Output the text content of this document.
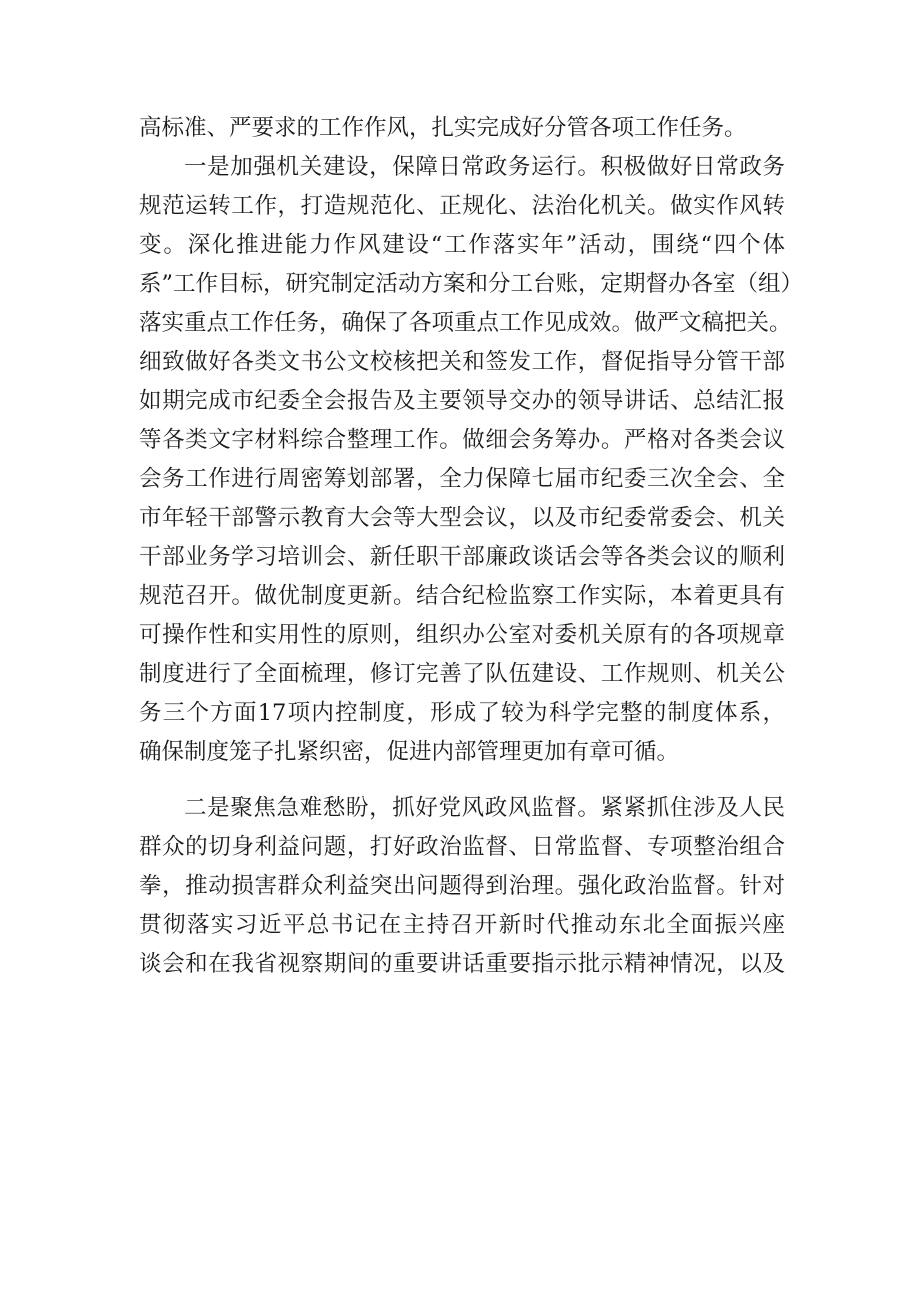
高标准、严要求的工作作风，扎实完成好分管各项工作任务。

一是加强机关建设，保障日常政务运行。积极做好日常政务
规范运转工作，打造规范化、正规化、法治化机关。做实作风转
变。深化推进能力作风建设“工作落实年”活动，围绕“四个体
系”工作目标，研究制定活动方案和分工台账，定期督办各室（组）
落实重点工作任务，确保了各项重点工作见成效。做严文稿把关。
细致做好各类文书公文校核把关和签发工作，督促指导分管干部
如期完成市纪委全会报告及主要领导交办的领导讲话、总结汇报
等各类文字材料综合整理工作。做细会务筹办。严格对各类会议
会务工作进行周密筹划部署，全力保障七届市纪委三次全会、全
市年轻干部警示教育大会等大型会议，以及市纪委常委会、机关
干部业务学习培训会、新任职干部廉政谈话会等各类会议的顺利
规范召开。做优制度更新。结合纪检监察工作实际，本着更具有
可操作性和实用性的原则，组织办公室对委机关原有的各项规章
制度进行了全面梳理，修订完善了队伍建设、工作规则、机关公
务三个方面17项内控制度，形成了较为科学完整的制度体系，
确保制度笼子扎紧织密，促进内部管理更加有章可循。

二是聚焦急难愁盼，抓好党风政风监督。紧紧抓住涉及人民
群众的切身利益问题，打好政治监督、日常监督、专项整治组合
拳，推动损害群众利益突出问题得到治理。强化政治监督。针对
贯彻落实习近平总书记在主持召开新时代推动东北全面振兴座
谈会和在我省视察期间的重要讲话重要指示批示精神情况，以及
